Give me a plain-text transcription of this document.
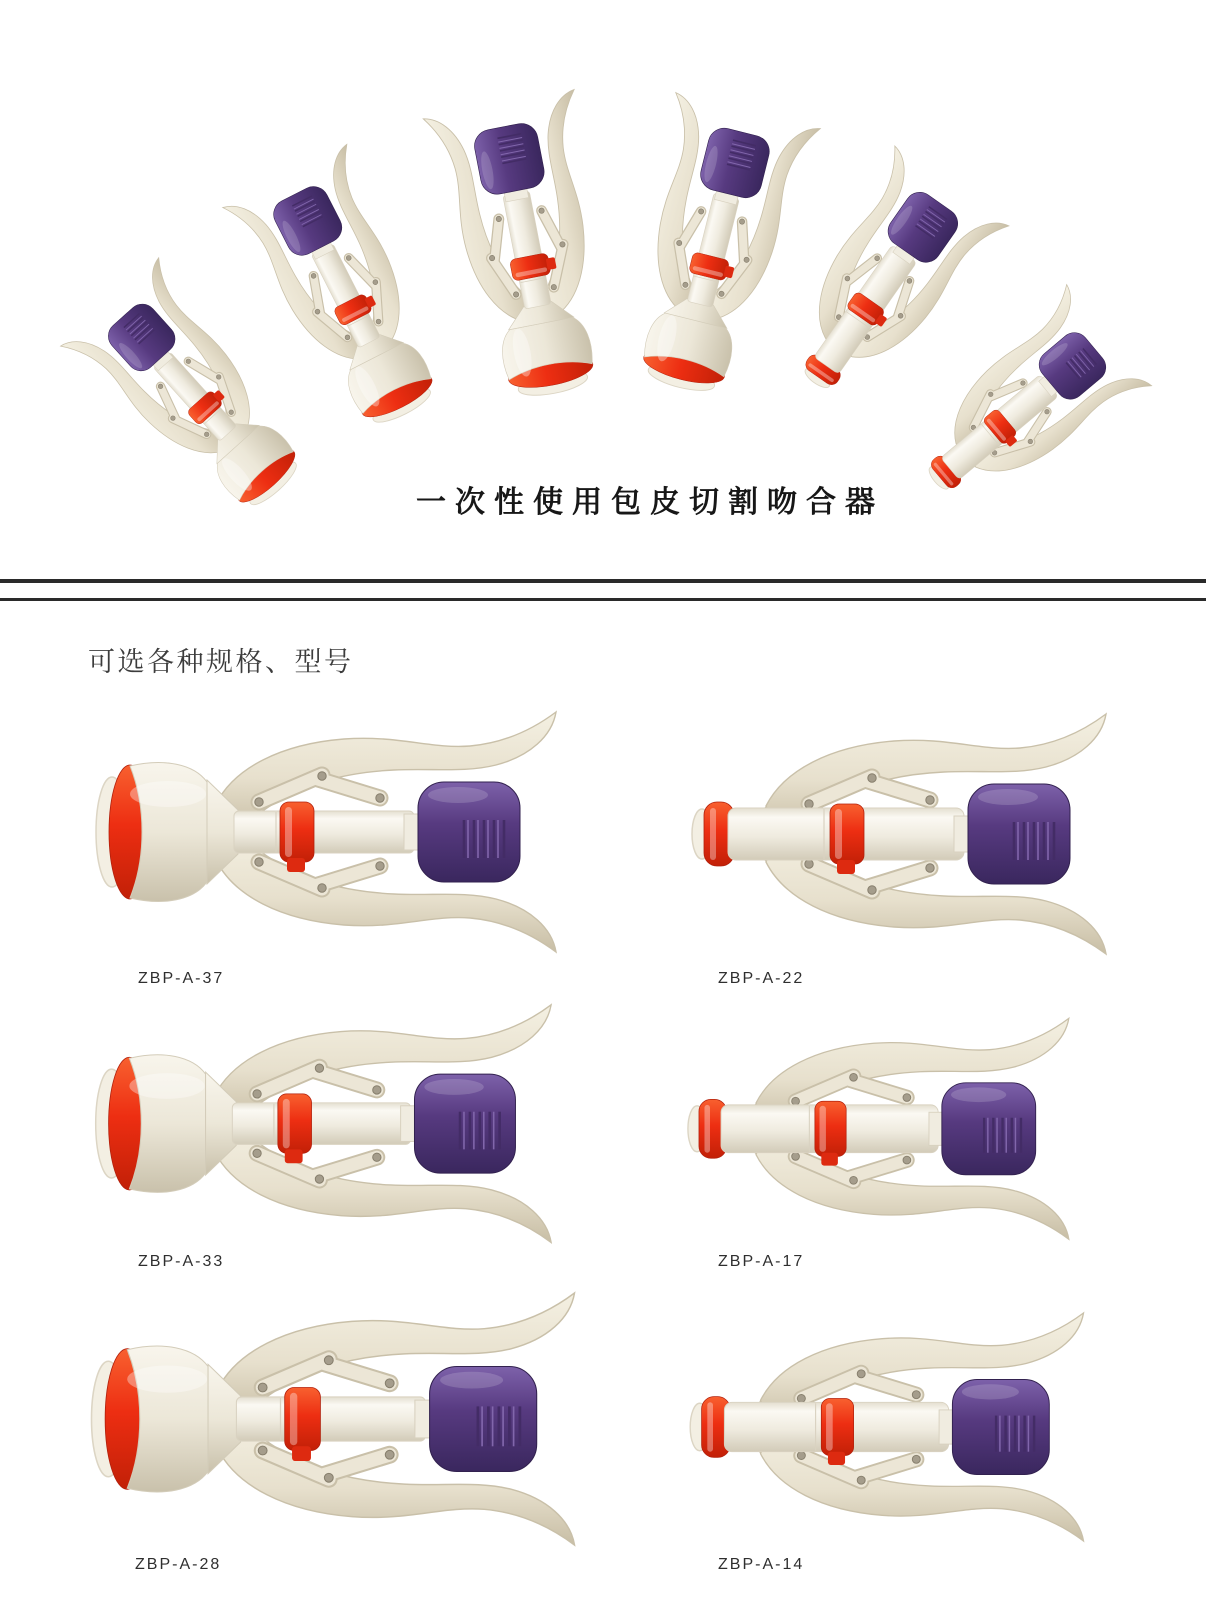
一次性使用包皮切割吻合器
可选各种规格、型号
ZBP-A-37	ZBP-A-22
ZBP-A-33	ZBP-A-17
ZBP-A-28	ZBP-A-14
